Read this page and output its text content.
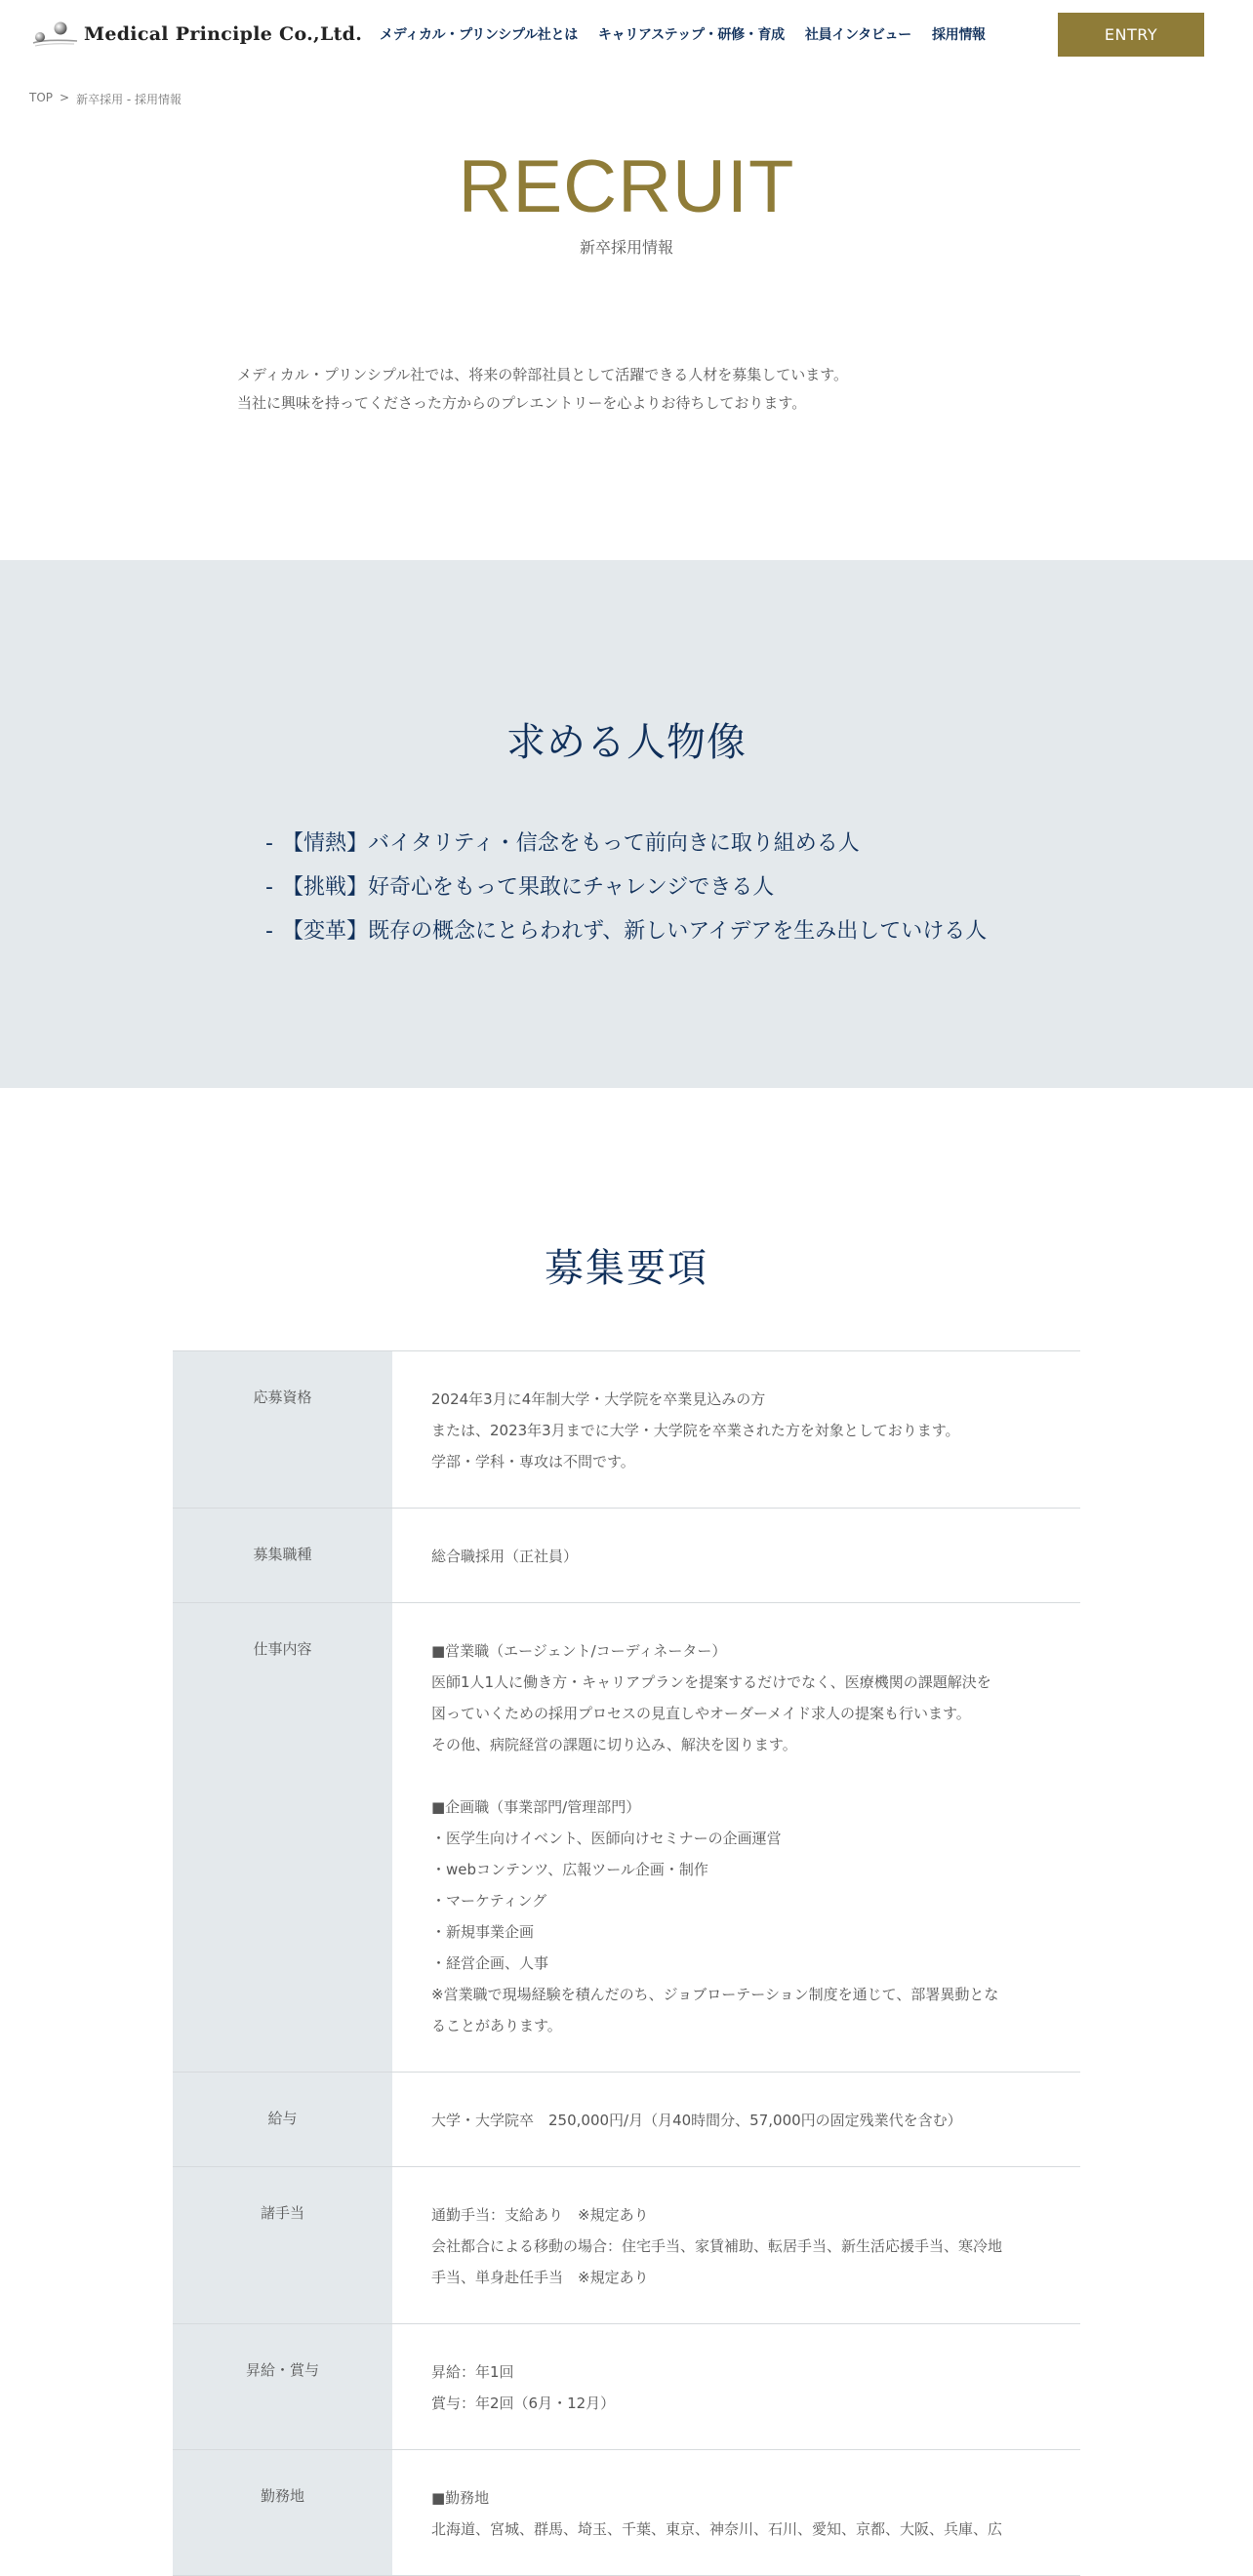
Medical Principle Co.,Ltd. メディカル・プリンシプル社とは キャリアステップ・研修・育成 社員インタビュー 採用情報	ENTRY
TOP > 新卒採用 - 採用情報
RECRUIT
新卒採用情報
メディカル・プリンシプル社では、将来の幹部社員として活躍できる人材を募集しています。
当社に興味を持ってくださった方からのプレエントリーを心よりお待ちしております。
求める人物像
- 【情熱】バイタリティ・信念をもって前向きに取り組める人
- 【挑戦】好奇心をもって果敢にチャレンジできる人
- 【変革】既存の概念にとらわれず、新しいアイデアを生み出していける人
募集要項
応募資格	2024年3月に4年制大学・大学院を卒業見込みの方
または、2023年3月までに大学・大学院を卒業された方を対象としております。
学部・学科・専攻は不問です。
募集職種	総合職採用（正社員）
仕事内容	■営業職（エージェント/コーディネーター）
医師1人1人に働き方・キャリアプランを提案するだけでなく、医療機関の課題解決を
図っていくための採用プロセスの見直しやオーダーメイド求人の提案も行います。
その他、病院経営の課題に切り込み、解決を図ります。
■企画職（事業部門/管理部門）
・医学生向けイベント、医師向けセミナーの企画運営
・webコンテンツ、広報ツール企画・制作
・マーケティング
・新規事業企画
・経営企画、人事
※営業職で現場経験を積んだのち、ジョブローテーション制度を通じて、部署異動とな
ることがあります。
給与	大学・大学院卒　250,000円/月（月40時間分、57,000円の固定残業代を含む）
諸手当	通勤手当：支給あり　※規定あり
会社都合による移動の場合：住宅手当、家賃補助、転居手当、新生活応援手当、寒冷地
手当、単身赴任手当　※規定あり
昇給・賞与	昇給：年1回
賞与：年2回（6月・12月）
勤務地	■勤務地
北海道、宮城、群馬、埼玉、千葉、東京、神奈川、石川、愛知、京都、大阪、兵庫、広
